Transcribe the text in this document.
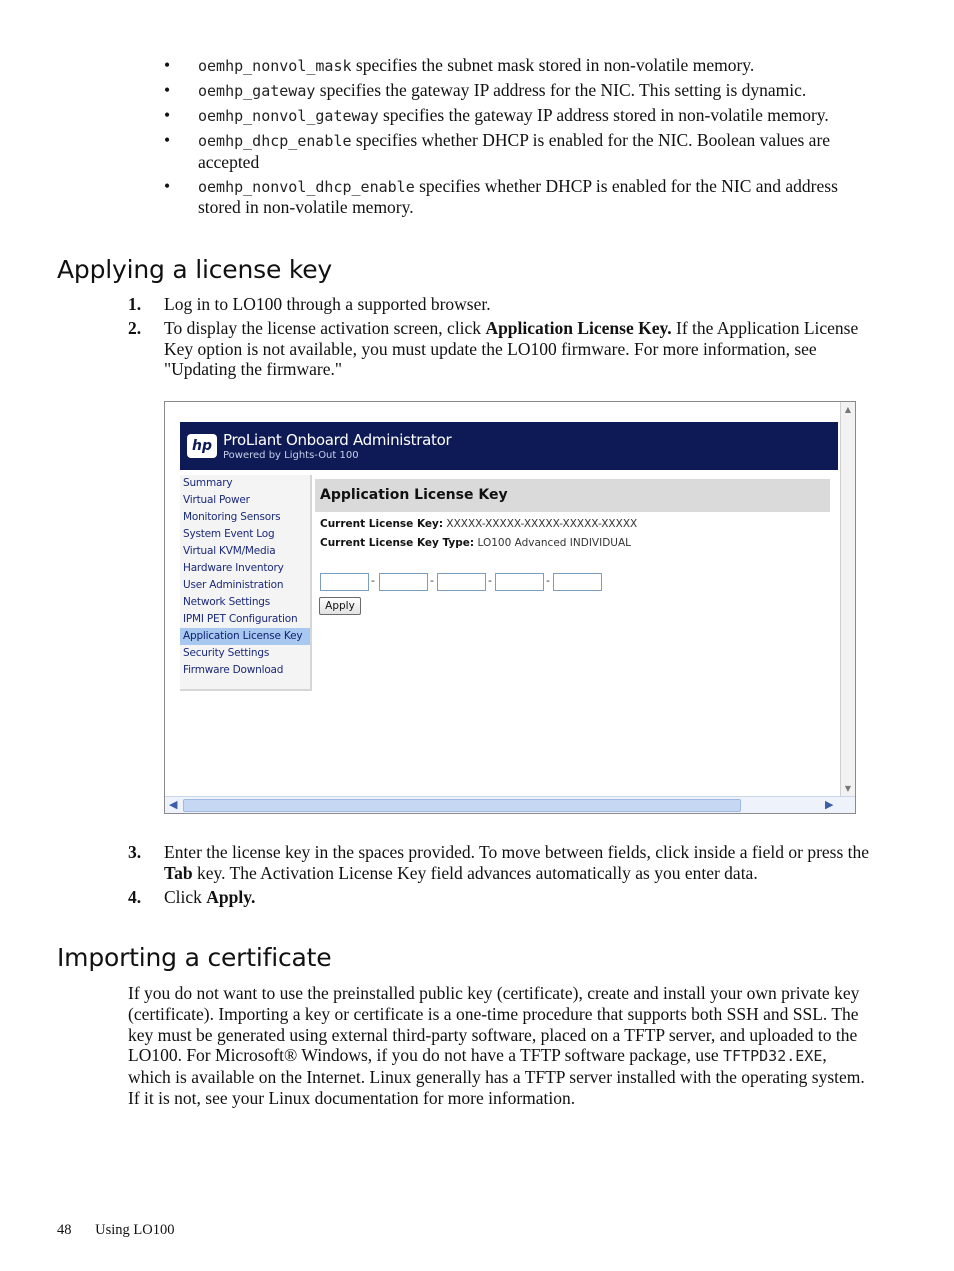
• oemhp_nonvol_mask specifies the subnet mask stored in non-volatile memory.
• oemhp_gateway specifies the gateway IP address for the NIC. This setting is dynamic.
• oemhp_nonvol_gateway specifies the gateway IP address stored in non-volatile memory.
• oemhp_dhcp_enable specifies whether DHCP is enabled for the NIC. Boolean values are accepted
• oemhp_nonvol_dhcp_enable specifies whether DHCP is enabled for the NIC and address stored in non-volatile memory.
Applying a license key
1. Log in to LO100 through a supported browser.
2. To display the license activation screen, click Application License Key. If the Application License Key option is not available, you must update the LO100 firmware. For more information, see "Updating the firmware."
hp ProLiant Onboard Administrator
Powered by Lights-Out 100
Summary
Virtual Power
Monitoring Sensors
System Event Log
Virtual KVM/Media
Hardware Inventory
User Administration
Network Settings
IPMI PET Configuration
Application License Key
Security Settings
Firmware Download
Application License Key
Current License Key: XXXXX-XXXXX-XXXXX-XXXXX-XXXXX
Current License Key Type: LO100 Advanced INDIVIDUAL
-	-	-	-
Apply
▲
▼
◀	▶
3. Enter the license key in the spaces provided. To move between fields, click inside a field or press the Tab key. The Activation License Key field advances automatically as you enter data.
4. Click Apply.
Importing a certificate
If you do not want to use the preinstalled public key (certificate), create and install your own private key (certificate). Importing a key or certificate is a one-time procedure that supports both SSH and SSL. The key must be generated using external third-party software, placed on a TFTP server, and uploaded to the LO100. For Microsoft® Windows, if you do not have a TFTP software package, use TFTPD32.EXE, which is available on the Internet. Linux generally has a TFTP server installed with the operating system. If it is not, see your Linux documentation for more information.
48 Using LO100
